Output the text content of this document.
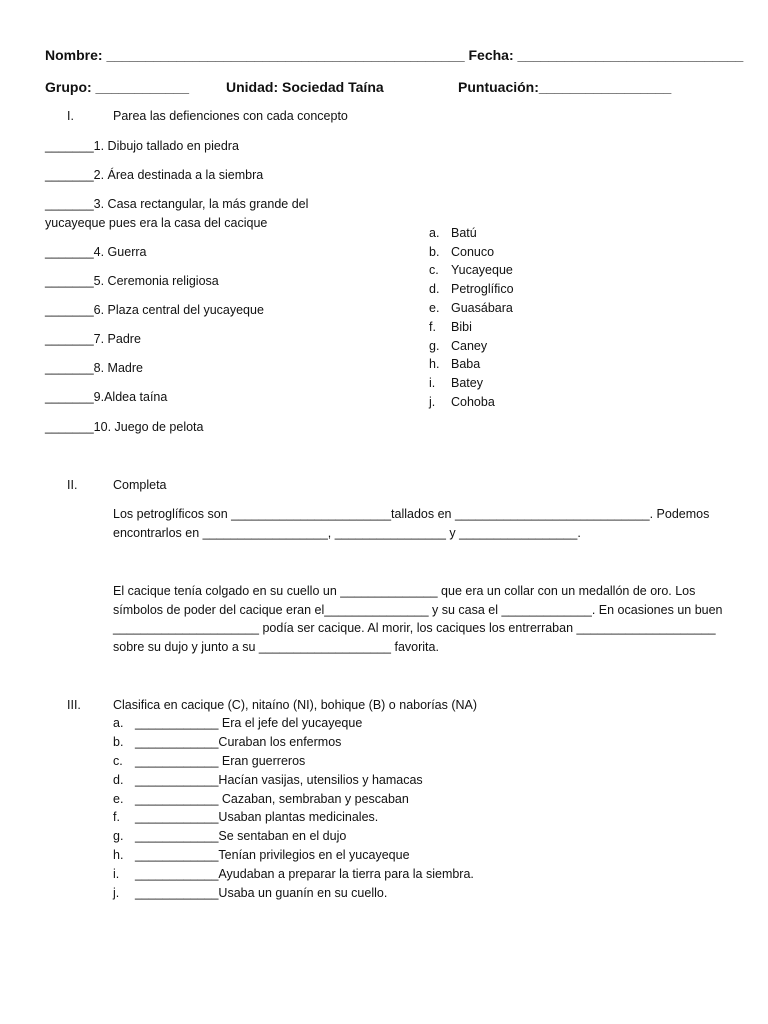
Nombre: ______________________________________________ Fecha: _____________________________
Grupo: ____________	Unidad: Sociedad Taína	Puntuación:_________________
I.	Parea las defienciones con cada concepto
_______1. Dibujo tallado en piedra
_______2. Área destinada a la siembra
_______3. Casa rectangular, la más grande del
yucayeque pues era la casa del cacique
_______4. Guerra
_______5. Ceremonia religiosa
_______6. Plaza central del yucayeque
_______7. Padre
_______8. Madre
_______9.Aldea taína
_______10. Juego de pelota
a. Batú
b. Conuco
c. Yucayeque
d. Petroglífico
e. Guasábara
f. Bibi
g. Caney
h. Baba
i. Batey
j. Cohoba
II.	Completa
Los petroglíficos son _______________________tallados en ____________________________. Podemos
encontrarlos en __________________, ________________ y _________________.
El cacique tenía colgado en su cuello un ______________ que era un collar con un medallón de oro. Los
símbolos de poder del cacique eran el_______________ y su casa el _____________. En ocasiones un buen
_____________________ podía ser cacique. Al morir, los caciques los entrerraban ____________________
sobre su dujo y junto a su ___________________ favorita.
III.	Clasifica en cacique (C), nitaíno (NI), bohique (B) o naborías (NA)
a. ____________ Era el jefe del yucayeque
b. ____________Curaban los enfermos
c. ____________ Eran guerreros
d. ____________Hacían vasijas, utensilios y hamacas
e. ____________ Cazaban, sembraban y pescaban
f. ____________Usaban plantas medicinales.
g. ____________Se sentaban en el dujo
h. ____________Tenían privilegios en el yucayeque
i. ____________Ayudaban a preparar la tierra para la siembra.
j. ____________Usaba un guanín en su cuello.
